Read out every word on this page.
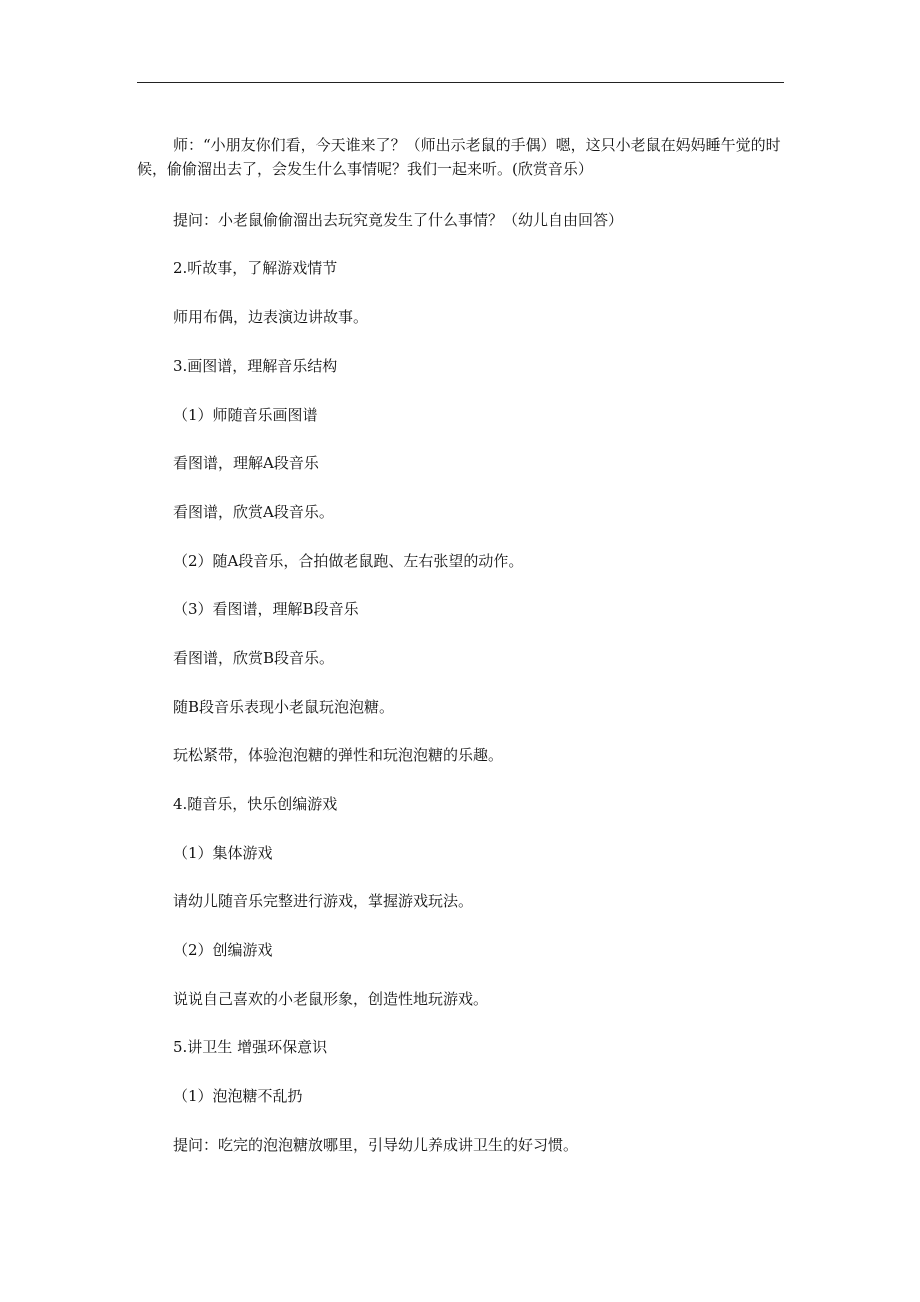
师：“小朋友你们看，今天谁来了？（师出示老鼠的手偶）嗯，这只小老鼠在妈妈睡午觉的时候，偷偷溜出去了，会发生什么事情呢？我们一起来听。(欣赏音乐）

提问：小老鼠偷偷溜出去玩究竟发生了什么事情？（幼儿自由回答）

2.听故事，了解游戏情节

师用布偶，边表演边讲故事。

3.画图谱，理解音乐结构

（1）师随音乐画图谱

看图谱，理解A段音乐

看图谱，欣赏A段音乐。

（2）随A段音乐，合拍做老鼠跑、左右张望的动作。

（3）看图谱，理解B段音乐

看图谱，欣赏B段音乐。

随B段音乐表现小老鼠玩泡泡糖。

玩松紧带，体验泡泡糖的弹性和玩泡泡糖的乐趣。

4.随音乐，快乐创编游戏

（1）集体游戏

请幼儿随音乐完整进行游戏，掌握游戏玩法。

（2）创编游戏

说说自己喜欢的小老鼠形象，创造性地玩游戏。

5.讲卫生 增强环保意识

（1）泡泡糖不乱扔

提问：吃完的泡泡糖放哪里，引导幼儿养成讲卫生的好习惯。
